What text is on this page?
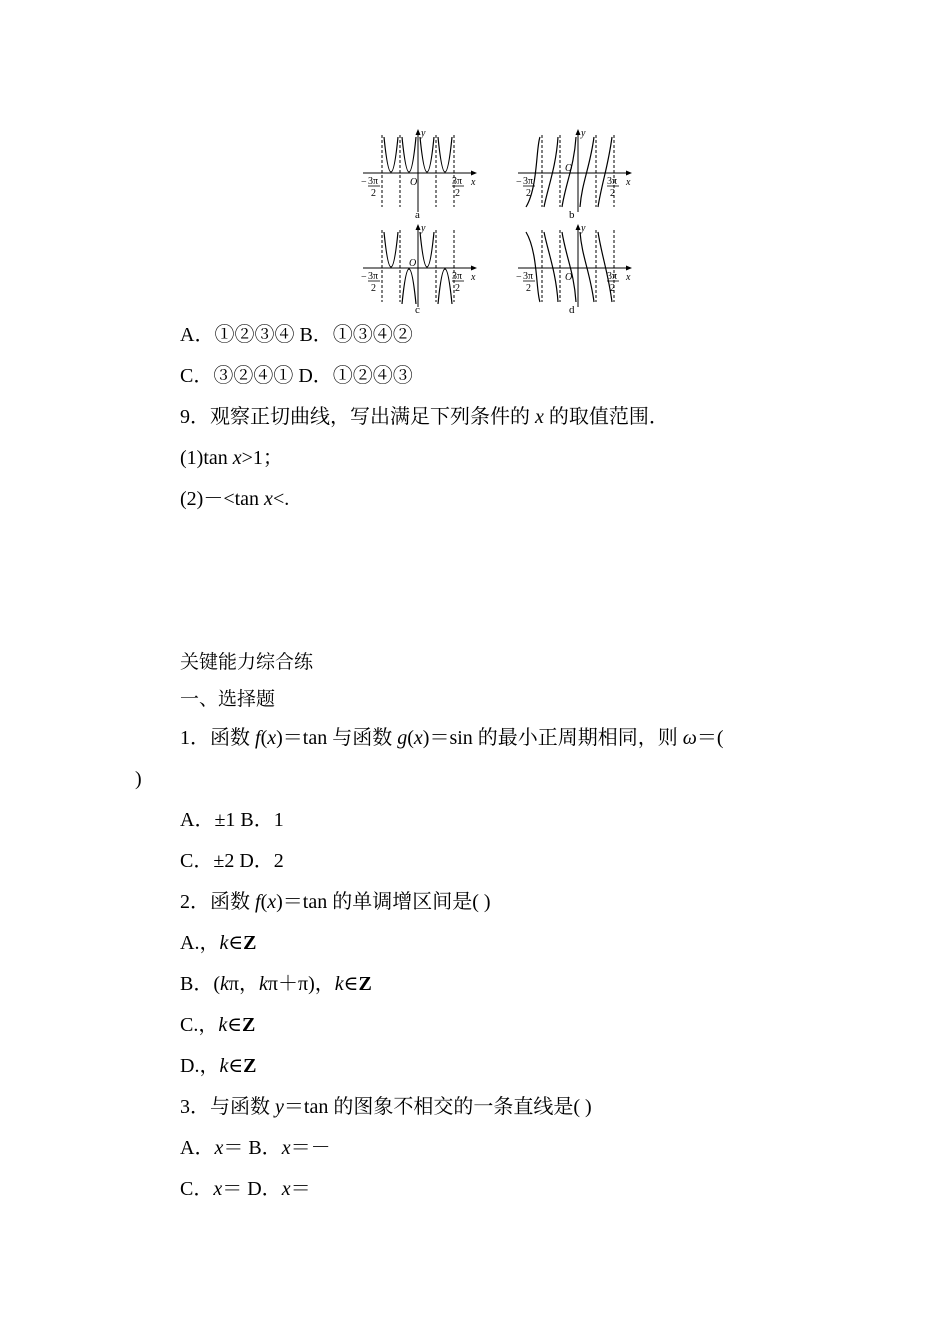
y
x
O
− 3π
2
3π
2
a
y
x
O
− 3π
2
3π
2
b
y
x
O
− 3π
2
3π
2
c
y
x
O
− 3π
2
3π
2
d
A．①②③④ B．①③④②
C．③②④① D．①②④③
9．观察正切曲线，写出满足下列条件的 x 的取值范围．
(1)tan x>1；
(2)－<tan x<.
关键能力综合练
一、选择题
1．函数 f(x)＝tan 与函数 g(x)＝sin 的最小正周期相同，则 ω＝(
)
A．±1 B．1
C．±2 D．2
2．函数 f(x)＝tan 的单调增区间是( )
A.，k∈Z
B．(kπ，kπ＋π)，k∈Z
C.，k∈Z
D.，k∈Z
3．与函数 y＝tan 的图象不相交的一条直线是( )
A．x＝ B．x＝－
C．x＝ D．x＝
